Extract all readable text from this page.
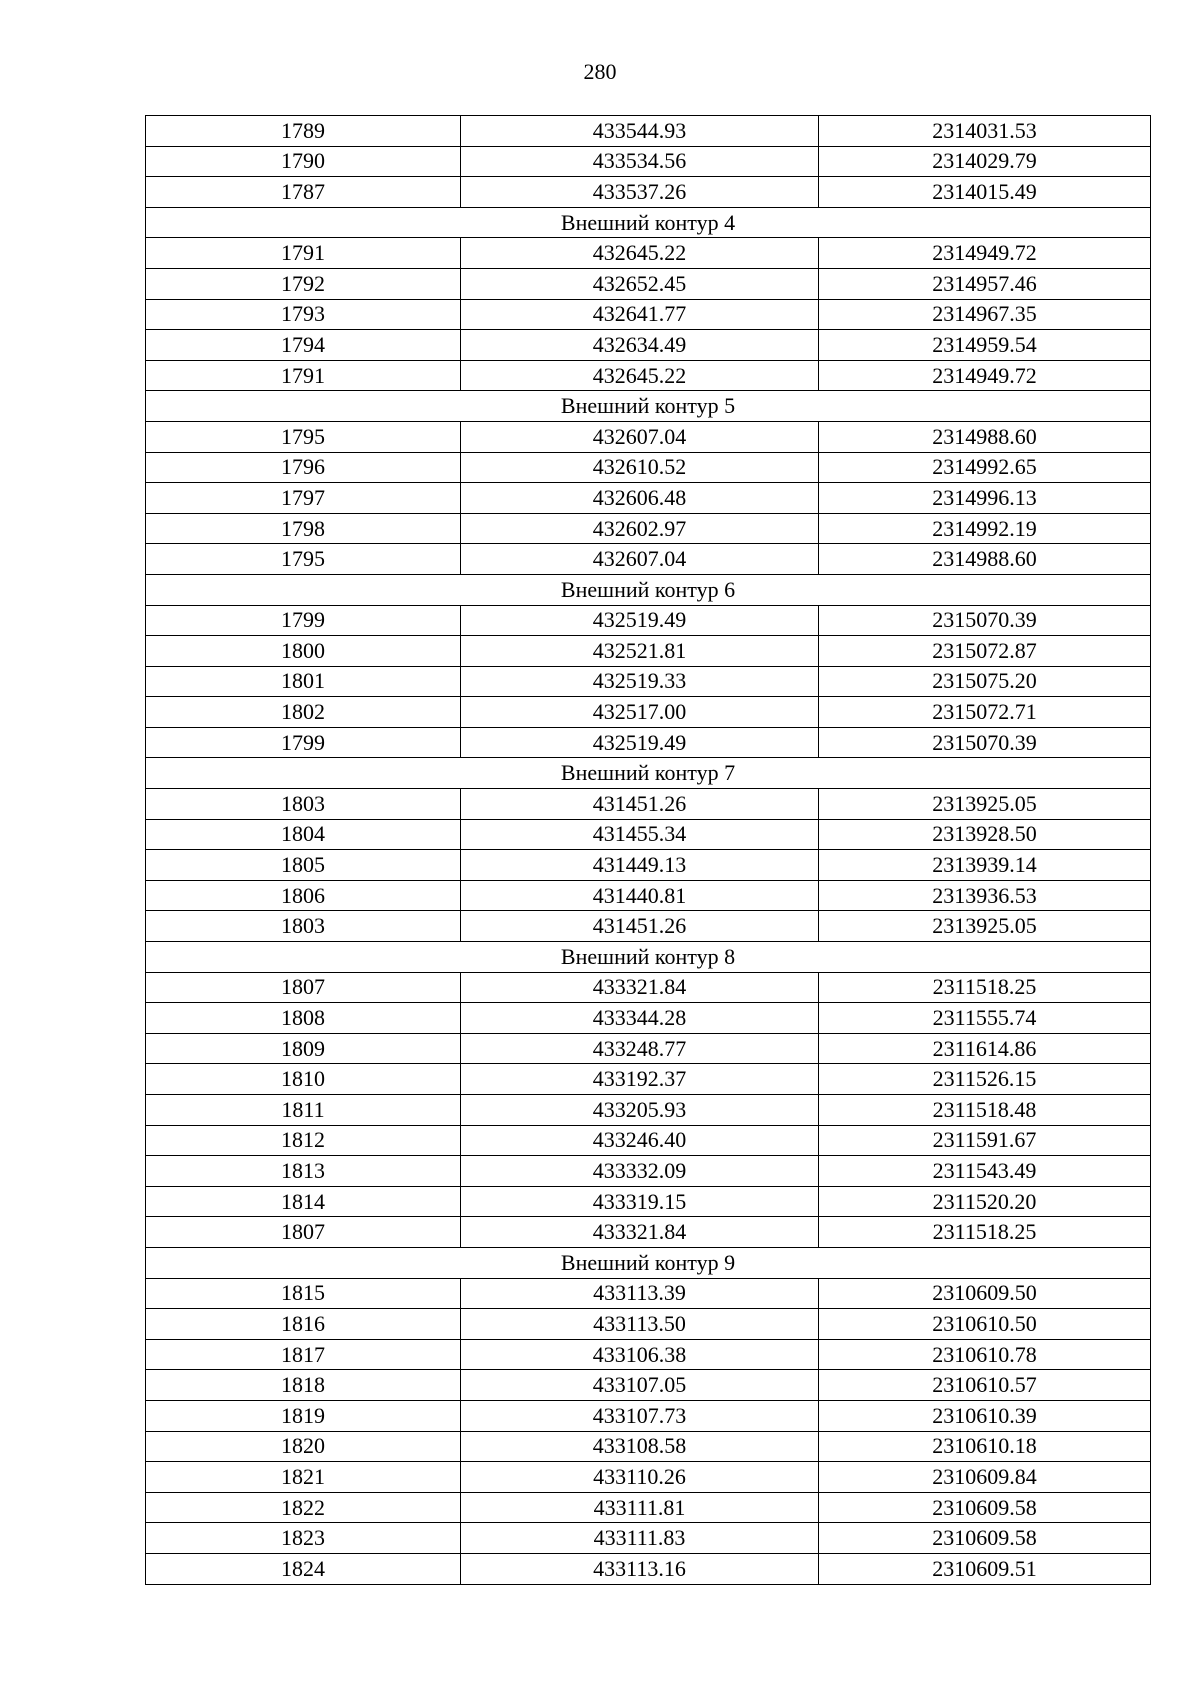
280
1789	433544.93	2314031.53
1790	433534.56	2314029.79
1787	433537.26	2314015.49
Внешний контур 4		
1791	432645.22	2314949.72
1792	432652.45	2314957.46
1793	432641.77	2314967.35
1794	432634.49	2314959.54
1791	432645.22	2314949.72
Внешний контур 5		
1795	432607.04	2314988.60
1796	432610.52	2314992.65
1797	432606.48	2314996.13
1798	432602.97	2314992.19
1795	432607.04	2314988.60
Внешний контур 6		
1799	432519.49	2315070.39
1800	432521.81	2315072.87
1801	432519.33	2315075.20
1802	432517.00	2315072.71
1799	432519.49	2315070.39
Внешний контур 7		
1803	431451.26	2313925.05
1804	431455.34	2313928.50
1805	431449.13	2313939.14
1806	431440.81	2313936.53
1803	431451.26	2313925.05
Внешний контур 8		
1807	433321.84	2311518.25
1808	433344.28	2311555.74
1809	433248.77	2311614.86
1810	433192.37	2311526.15
1811	433205.93	2311518.48
1812	433246.40	2311591.67
1813	433332.09	2311543.49
1814	433319.15	2311520.20
1807	433321.84	2311518.25
Внешний контур 9		
1815	433113.39	2310609.50
1816	433113.50	2310610.50
1817	433106.38	2310610.78
1818	433107.05	2310610.57
1819	433107.73	2310610.39
1820	433108.58	2310610.18
1821	433110.26	2310609.84
1822	433111.81	2310609.58
1823	433111.83	2310609.58
1824	433113.16	2310609.51
